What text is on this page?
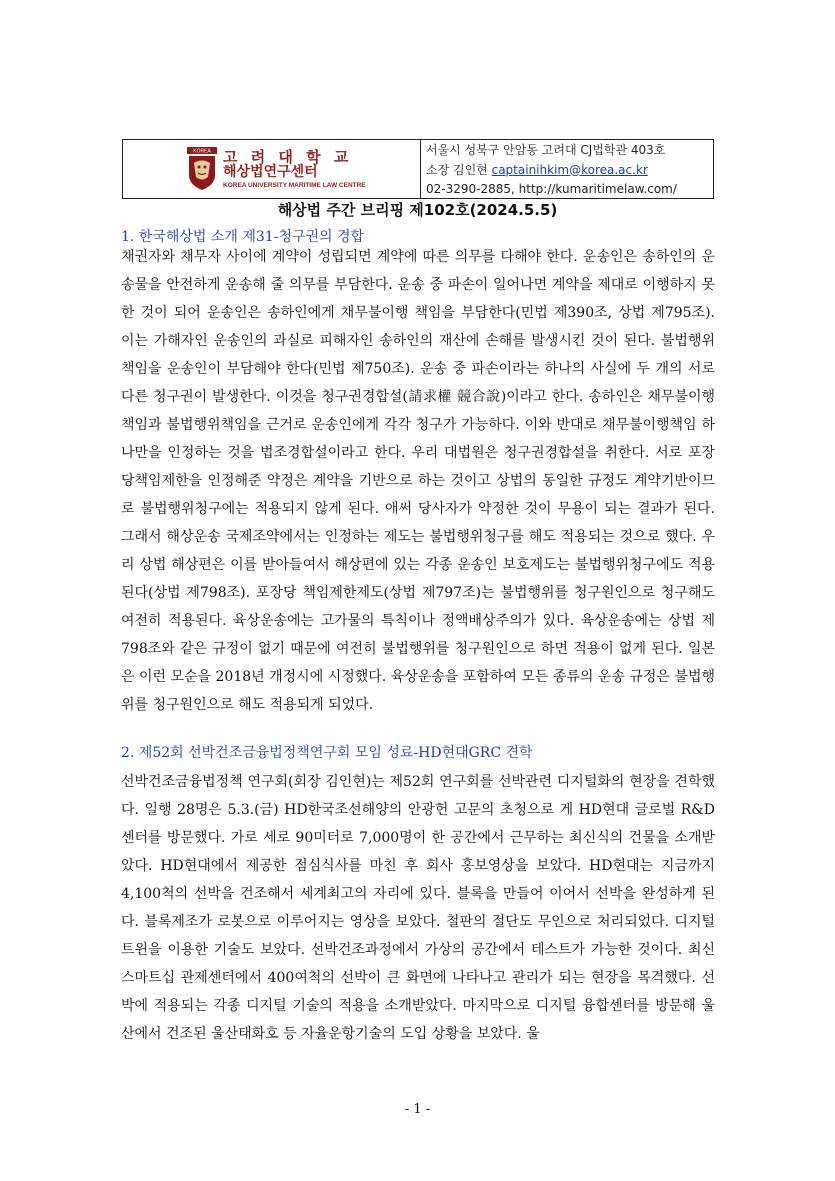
KOREA 고 려 대 학 교
해상법연구센터
KOREA UNIVERSITY MARITIME LAW CENTRE
서울시 성북구 안암동 고려대 CJ법학관 403호
소장 김인현 captainihkim@korea.ac.kr
02-3290-2885, http://kumaritimelaw.com/
해상법 주간 브리핑 제102호(2024.5.5)
1. 한국해상법 소개 제31-청구권의 경합
채권자와 채무자 사이에 계약이 성립되면 계약에 따른 의무를 다해야 한다. 운송인은 송하인의 운송물을 안전하게 운송해 줄 의무를 부담한다. 운송 중 파손이 일어나면 계약을 제대로 이행하지 못한 것이 되어 운송인은 송하인에게 채무불이행 책임을 부담한다(민법 제390조, 상법 제795조). 이는 가해자인 운송인의 과실로 피해자인 송하인의 재산에 손해를 발생시킨 것이 된다. 불법행위책임을 운송인이 부담해야 한다(민법 제750조). 운송 중 파손이라는 하나의 사실에 두 개의 서로 다른 청구권이 발생한다. 이것을 청구권경합설(請求權 競合說)이라고 한다. 송하인은 채무불이행책임과 불법행위책임을 근거로 운송인에게 각각 청구가 가능하다. 이와 반대로 채무불이행책임 하나만을 인정하는 것을 법조경합설이라고 한다. 우리 대법원은 청구권경합설을 취한다. 서로 포장당책임제한을 인정해준 약정은 계약을 기반으로 하는 것이고 상법의 동일한 규정도 계약기반이므로 불법행위청구에는 적용되지 않게 된다. 애써 당사자가 약정한 것이 무용이 되는 결과가 된다. 그래서 해상운송 국제조약에서는 인정하는 제도는 불법행위청구를 해도 적용되는 것으로 했다. 우리 상법 해상편은 이를 받아들여서 해상편에 있는 각종 운송인 보호제도는 불법행위청구에도 적용된다(상법 제798조). 포장당 책임제한제도(상법 제797조)는 불법행위를 청구원인으로 청구해도 여전히 적용된다. 육상운송에는 고가물의 특칙이나 정액배상주의가 있다. 육상운송에는 상법 제798조와 같은 규정이 없기 때문에 여전히 불법행위를 청구원인으로 하면 적용이 없게 된다. 일본은 이런 모순을 2018년 개정시에 시정했다. 육상운송을 포함하여 모든 종류의 운송 규정은 불법행위를 청구원인으로 해도 적용되게 되었다.
2. 제52회 선박건조금융법정책연구회 모임 성료-HD현대GRC 견학
선박건조금융법정책 연구회(회장 김인현)는 제52회 연구회를 선박관련 디지털화의 현장을 견학했다. 일행 28명은 5.3.(금) HD한국조선해양의 안광헌 고문의 초청으로 게 HD현대 글로벌 R&D센터를 방문했다. 가로 세로 90미터로 7,000명이 한 공간에서 근무하는 최신식의 건물을 소개받았다. HD현대에서 제공한 점심식사를 마친 후 회사 홍보영상을 보았다. HD현대는 지금까지 4,100척의 선박을 건조해서 세계최고의 자리에 있다. 블록을 만들어 이어서 선박을 완성하게 된다. 블록제조가 로봇으로 이루어지는 영상을 보았다. 철판의 절단도 무인으로 처리되었다. 디지털 트윈을 이용한 기술도 보았다. 선박건조과정에서 가상의 공간에서 테스트가 가능한 것이다. 최신 스마트십 관제센터에서 400여척의 선박이 큰 화면에 나타나고 관리가 되는 현장을 목격했다. 선박에 적용되는 각종 디지털 기술의 적용을 소개받았다. 마지막으로 디지털 융합센터를 방문해 울산에서 건조된 울산태화호 등 자율운항기술의 도입 상황을 보았다. 울
- 1 -
